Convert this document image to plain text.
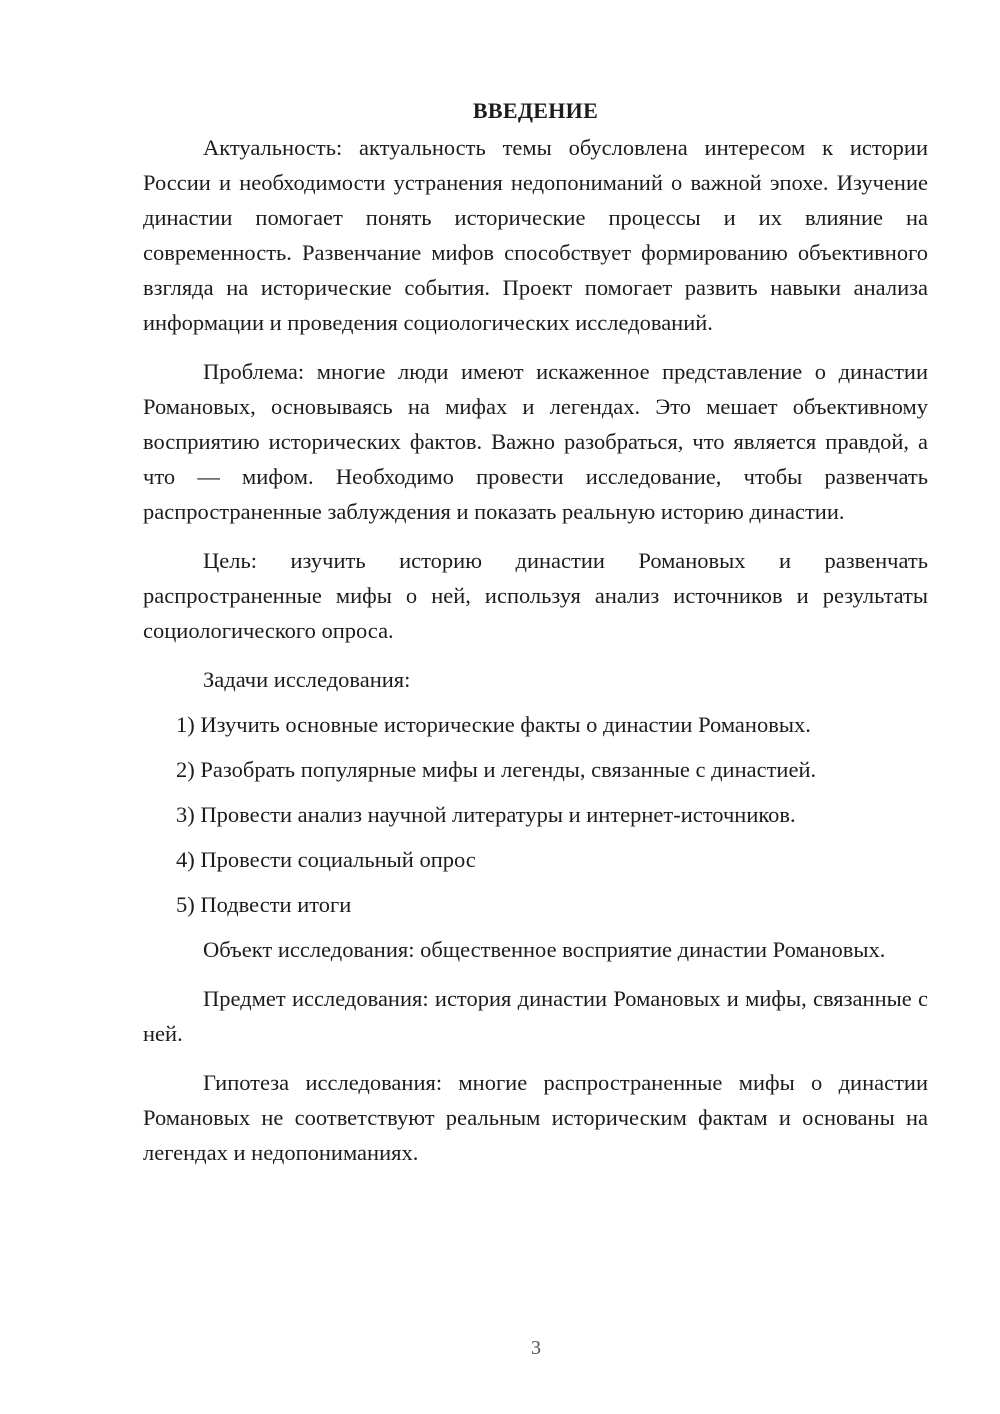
ВВЕДЕНИЕ

Актуальность: актуальность темы обусловлена интересом к истории России и необходимости устранения недопониманий о важной эпохе. Изучение династии помогает понять исторические процессы и их влияние на современность. Развенчание мифов способствует формированию объективного взгляда на исторические события. Проект помогает развить навыки анализа информации и проведения социологических исследований.

Проблема: многие люди имеют искаженное представление о династии Романовых, основываясь на мифах и легендах. Это мешает объективному восприятию исторических фактов. Важно разобраться, что является правдой, а что — мифом. Необходимо провести исследование, чтобы развенчать распространенные заблуждения и показать реальную историю династии.

Цель: изучить историю династии Романовых и развенчать распространенные мифы о ней, используя анализ источников и результаты социологического опроса.

Задачи исследования:
1) Изучить основные исторические факты о династии Романовых.
2) Разобрать популярные мифы и легенды, связанные с династией.
3) Провести анализ научной литературы и интернет-источников.
4) Провести социальный опрос
5) Подвести итоги

Объект исследования: общественное восприятие династии Романовых.

Предмет исследования: история династии Романовых и мифы, связанные с ней.

Гипотеза исследования: многие распространенные мифы о династии Романовых не соответствуют реальным историческим фактам и основаны на легендах и недопониманиях.

3
